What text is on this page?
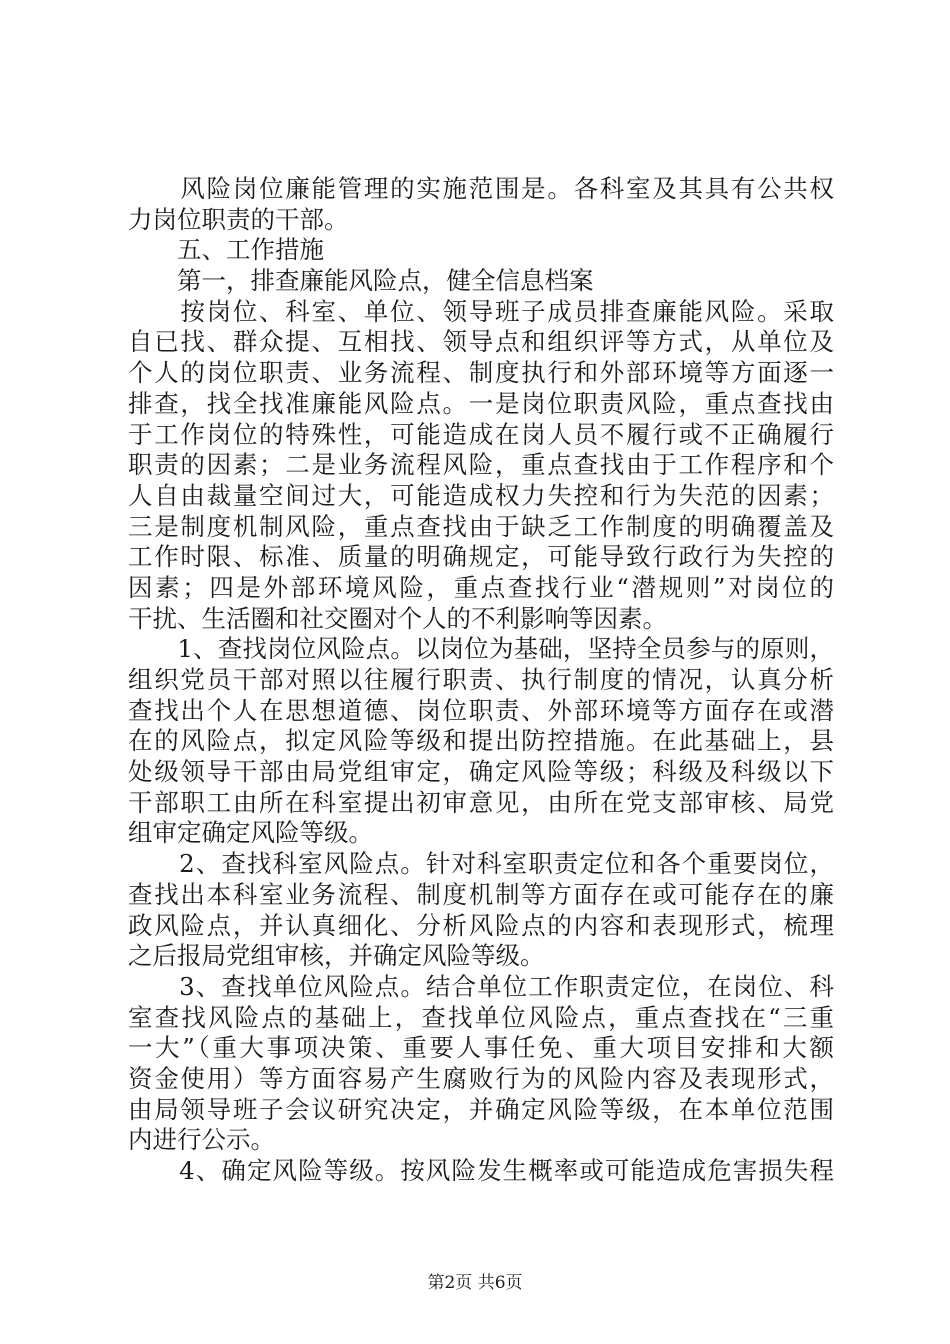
　　风险岗位廉能管理的实施范围是。各科室及其具有公共权
力岗位职责的干部。
　　五、工作措施
　　第一，排查廉能风险点，健全信息档案
　　按岗位、科室、单位、领导班子成员排查廉能风险。采取
自已找、群众提、互相找、领导点和组织评等方式，从单位及
个人的岗位职责、业务流程、制度执行和外部环境等方面逐一
排查，找全找准廉能风险点。一是岗位职责风险，重点查找由
于工作岗位的特殊性，可能造成在岗人员不履行或不正确履行
职责的因素；二是业务流程风险，重点查找由于工作程序和个
人自由裁量空间过大，可能造成权力失控和行为失范的因素；
三是制度机制风险，重点查找由于缺乏工作制度的明确覆盖及
工作时限、标准、质量的明确规定，可能导致行政行为失控的
因素；四是外部环境风险，重点查找行业“潜规则”对岗位的
干扰、生活圈和社交圈对个人的不利影响等因素。
　　1、查找岗位风险点。以岗位为基础，坚持全员参与的原则，
组织党员干部对照以往履行职责、执行制度的情况，认真分析
查找出个人在思想道德、岗位职责、外部环境等方面存在或潜
在的风险点，拟定风险等级和提出防控措施。在此基础上，县
处级领导干部由局党组审定，确定风险等级；科级及科级以下
干部职工由所在科室提出初审意见，由所在党支部审核、局党
组审定确定风险等级。
　　2、查找科室风险点。针对科室职责定位和各个重要岗位，
查找出本科室业务流程、制度机制等方面存在或可能存在的廉
政风险点，并认真细化、分析风险点的内容和表现形式，梳理
之后报局党组审核，并确定风险等级。
　　3、查找单位风险点。结合单位工作职责定位，在岗位、科
室查找风险点的基础上，查找单位风险点，重点查找在“三重
一大”（重大事项决策、重要人事任免、重大项目安排和大额
资金使用）等方面容易产生腐败行为的风险内容及表现形式，
由局领导班子会议研究决定，并确定风险等级，在本单位范围
内进行公示。
　　4、确定风险等级。按风险发生概率或可能造成危害损失程
第2页 共6页
